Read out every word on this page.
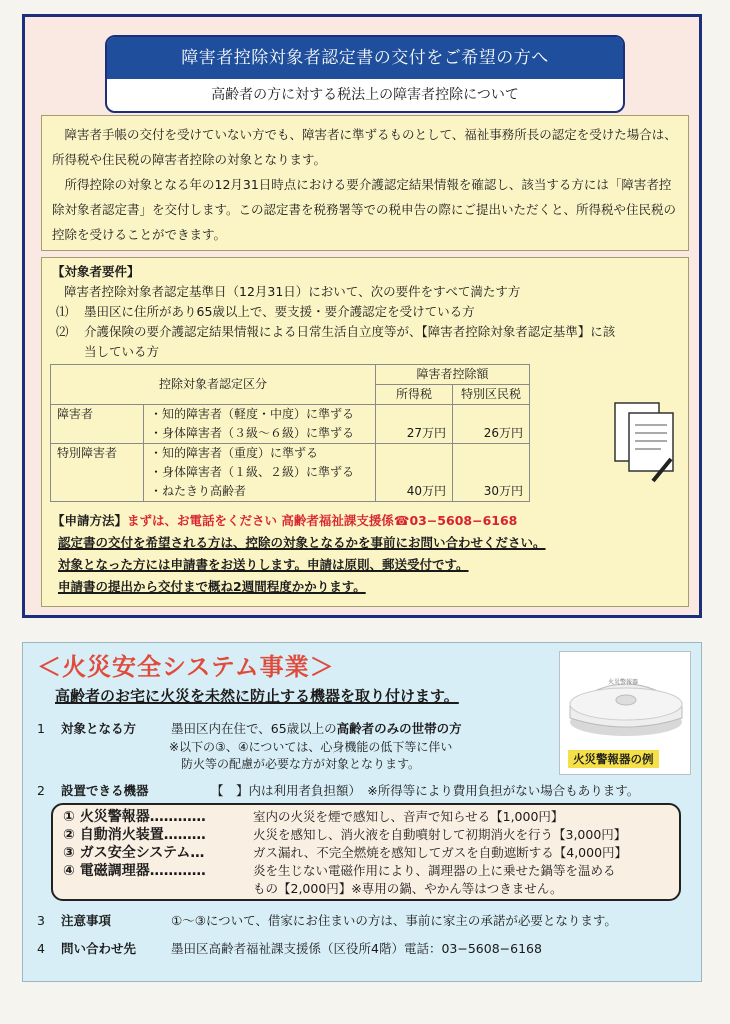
障害者控除対象者認定書の交付をご希望の方へ
高齢者の方に対する税法上の障害者控除について

障害者手帳の交付を受けていない方でも、障害者に準ずるものとして、福祉事務所長の認定を受けた場合は、所得税や住民税の障害者控除の対象となります。

所得控除の対象となる年の12月31日時点における要介護認定結果情報を確認し、該当する方には「障害者控除対象者認定書」を交付します。この認定書を税務署等での税申告の際にご提出いただくと、所得税や住民税の控除を受けることができます。

【対象者要件】
障害者控除対象者認定基準日（12月31日）において、次の要件をすべて満たす方
⑴ 墨田区に住所があり65歳以上で、要支援・要介護認定を受けている方
⑵ 介護保険の要介護認定結果情報による日常生活自立度等が、【障害者控除対象者認定基準】に該
当している方
控除対象者認定区分		障害者控除額	
		所得税	特別区民税
障害者	・知的障害者（軽度・中度）に準ずる
・身体障害者（３級〜６級）に準ずる	27万円	26万円
特別障害者	・知的障害者（重度）に準ずる
・身体障害者（１級、２級）に準ずる
・ねたきり高齢者	40万円	30万円
【申請方法】まずは、お電話をください 高齢者福祉課支援係☎03−5608−6168
認定書の交付を希望される方は、控除の対象となるかを事前にお問い合わせください。
対象となった方には申請書をお送りします。申請は原則、郵送受付です。
申請書の提出から交付まで概ね2週間程度かかります。
＜火災安全システム事業＞
高齢者のお宅に火災を未然に防止する機器を取り付けます。
火災警報器
火災警報器の例
1 対象となる方	墨田区内在住で、65歳以上の高齢者のみの世帯の方
※以下の③、④については、心身機能の低下等に伴い
防火等の配慮が必要な方が対象となります。
2 設置できる機器	【　】内は利用者負担額）　※所得等により費用負担がない場合もあります。
① 火災警報器…………	室内の火災を煙で感知し、音声で知らせる【1,000円】
② 自動消火装置………	火災を感知し、消火液を自動噴射して初期消火を行う【3,000円】
③ ガス安全システム…	ガス漏れ、不完全燃焼を感知してガスを自動遮断する【4,000円】
④ 電磁調理器…………	炎を生じない電磁作用により、調理器の上に乗せた鍋等を温める
もの【2,000円】※専用の鍋、やかん等はつきません。
3 注意事項	①〜③について、借家にお住まいの方は、事前に家主の承諾が必要となります。
4 問い合わせ先	墨田区高齢者福祉課支援係（区役所4階）電話：03−5608−6168
